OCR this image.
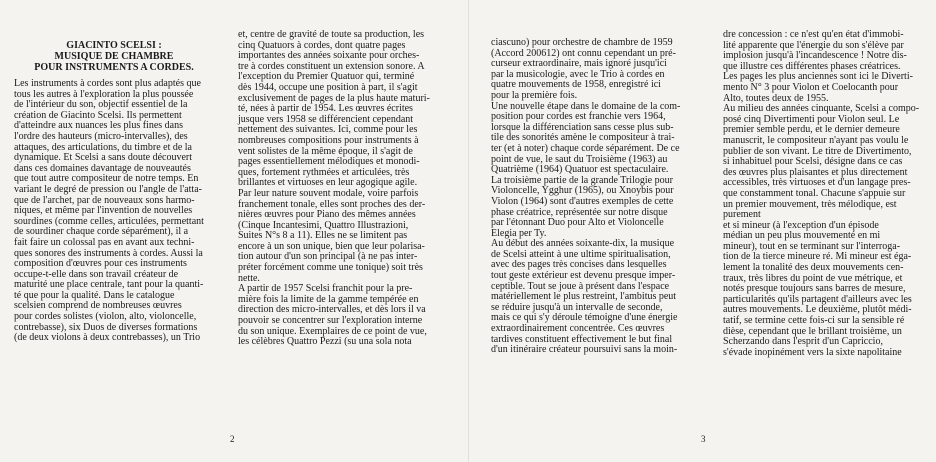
GIACINTO SCELSI :
MUSIQUE DE CHAMBRE
POUR INSTRUMENTS A CORDES.

Les instruments à cordes sont plus adaptés que

tous les autres à l'exploration la plus poussée

de l'intérieur du son, objectif essentiel de la

création de Giacinto Scelsi. Ils permettent

d'atteindre aux nuances les plus fines dans

l'ordre des hauteurs (micro-intervalles), des

attaques, des articulations, du timbre et de la

dynamique. Et Scelsi a sans doute découvert

dans ces domaines davantage de nouveautés

que tout autre compositeur de notre temps. En

variant le degré de pression ou l'angle de l'atta-

que de l'archet, par de nouveaux sons harmo-

niques, et même par l'invention de nouvelles

sourdines (comme celles, articulées, permettant

de sourdiner chaque corde séparément), il a

fait faire un colossal pas en avant aux techni-

ques sonores des instruments à cordes. Aussi la

composition d'œuvres pour ces instruments

occupe-t-elle dans son travail créateur de

maturité une place centrale, tant pour la quanti-

té que pour la qualité. Dans le catalogue

scelsien comprend de nombreuses œuvres

pour cordes solistes (violon, alto, violoncelle,

contrebasse), six Duos de diverses formations

(de deux violons à deux contrebasses), un Trio

et, centre de gravité de toute sa production, les

cinq Quatuors à cordes, dont quatre pages

importantes des années soixante pour orches-

tre à cordes constituent un extension sonore. A

l'exception du Premier Quatuor qui, terminé

dès 1944, occupe une position à part, il s'agit

exclusivement de pages de la plus haute maturi-

té, nées à partir de 1954. Les œuvres écrites

jusque vers 1958 se différencient cependant

nettement des suivantes. Ici, comme pour les

nombreuses compositions pour instruments à

vent solistes de la même époque, il s'agit de

pages essentiellement mélodiques et monodi-

ques, fortement rythmées et articulées, très

brillantes et virtuoses en leur agogique agile.

Par leur nature souvent modale, voire parfois

franchement tonale, elles sont proches des der-

nières œuvres pour Piano des mêmes années

(Cinque Incantesimi, Quattro Illustrazioni,

Suites N°s 8 a 11). Elles ne se limitent pas

encore à un son unique, bien que leur polarisa-

tion autour d'un son principal (à ne pas inter-

préter forcément comme une tonique) soit très

nette.

A partir de 1957 Scelsi franchit pour la pre-

mière fois la limite de la gamme tempérée en

direction des micro-intervalles, et dès lors il va

pouvoir se concentrer sur l'exploration interne

du son unique. Exemplaires de ce point de vue,

les célèbres Quattro Pezzi (su una sola nota

2

ciascuno) pour orchestre de chambre de 1959

(Accord 200612) ont connu cependant un pré-

curseur extraordinaire, mais ignoré jusqu'ici

par la musicologie, avec le Trio à cordes en

quatre mouvements de 1958, enregistré ici

pour la première fois.

Une nouvelle étape dans le domaine de la com-

position pour cordes est franchie vers 1964,

lorsque la différenciation sans cesse plus sub-

tile des sonorités amène le compositeur à trai-

ter (et à noter) chaque corde séparément. De ce

point de vue, le saut du Troisième (1963) au

Quatrième (1964) Quatuor est spectaculaire.

La troisième partie de la grande Trilogie pour

Violoncelle, Ygghur (1965), ou Xnoybis pour

Violon (1964) sont d'autres exemples de cette

phase créatrice, représentée sur notre disque

par l'étonnant Duo pour Alto et Violoncelle

Elegia per Ty.

Au début des années soixante-dix, la musique

de Scelsi atteint à une ultime spiritualisation,

avec des pages très concises dans lesquelles

tout geste extérieur est devenu presque imper-

ceptible. Tout se joue à présent dans l'espace

matériellement le plus restreint, l'ambitus peut

se réduire jusqu'à un intervalle de seconde,

mais ce qui s'y déroule témoigne d'une énergie

extraordinairement concentrée. Ces œuvres

tardives constituent effectivement le but final

d'un itinéraire créateur poursuivi sans la moin-

dre concession : ce n'est qu'en état d'immobi-

lité apparente que l'énergie du son s'élève par

implosion jusqu'à l'incandescence ! Notre dis-

que illustre ces différentes phases créatrices.

Les pages les plus anciennes sont ici le Diverti-

mento N° 3 pour Violon et Coelocanth pour

Alto, toutes deux de 1955.

Au milieu des années cinquante, Scelsi a compo-

posé cinq Divertimenti pour Violon seul. Le

premier semble perdu, et le dernier demeure

manuscrit, le compositeur n'ayant pas voulu le

publier de son vivant. Le titre de Divertimento,

si inhabituel pour Scelsi, désigne dans ce cas

des œuvres plus plaisantes et plus directement

accessibles, très virtuoses et d'un langage pres-

que constamment tonal. Chacune s'appuie sur

un premier mouvement, très mélodique, est purement

et si mineur (à l'exception d'un épisode

médian un peu plus mouvementé en mi

mineur), tout en se terminant sur l'interroga-

tion de la tierce mineure ré. Mi mineur est éga-

lement la tonalité des deux mouvements cen-

traux, très libres du point de vue métrique, et

notés presque toujours sans barres de mesure,

particularités qu'ils partagent d'ailleurs avec les

autres mouvements. Le deuxième, plutôt médi-

tatif, se termine cette fois-ci sur la sensible ré

dièse, cependant que le brillant troisième, un

Scherzando dans l'esprit d'un Capriccio,

s'évade inopinément vers la sixte napolitaine

3
